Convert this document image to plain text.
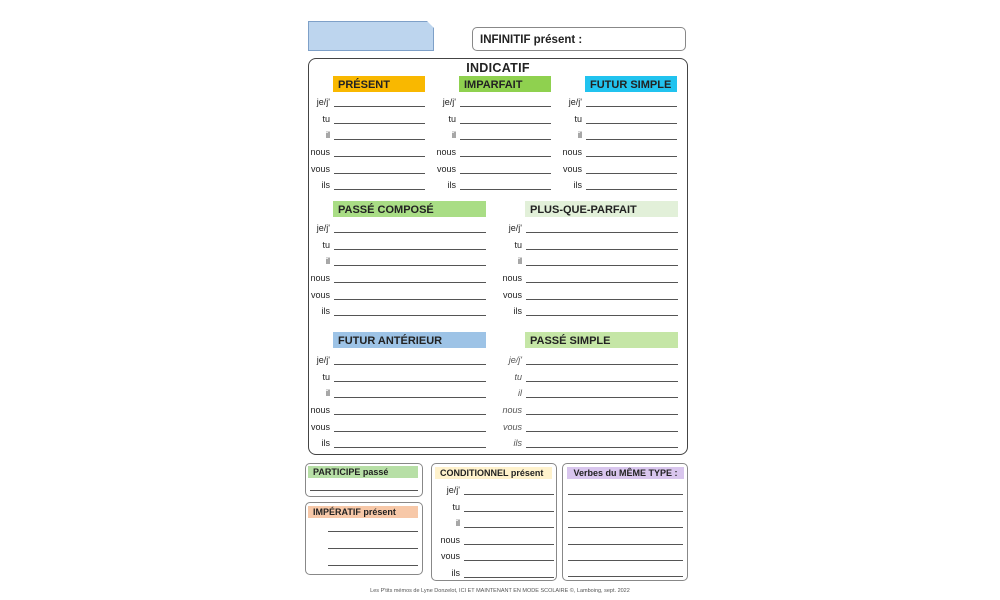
INFINITIF présent :
INDICATIF
PRÉSENT
je/j'
tu
il
nous
vous
ils
IMPARFAIT
je/j'
tu
il
nous
vous
ils
FUTUR SIMPLE
je/j'
tu
il
nous
vous
ils
PASSÉ COMPOSÉ
je/j'
tu
il
nous
vous
ils
PLUS-QUE-PARFAIT
je/j'
tu
il
nous
vous
ils
FUTUR ANTÉRIEUR
je/j'
tu
il
nous
vous
ils
PASSÉ SIMPLE
je/j'
tu
il
nous
vous
ils
je/j'
tu
il
nous
vous
ils
PARTICIPE passé
IMPÉRATIF présent
CONDITIONNEL présent	Verbes du MÊME TYPE :
Les P'tits mémos de Lyne Donzelot, ICI ET MAINTENANT EN MODE SCOLAIRE ©, Lamboing, sept. 2022
